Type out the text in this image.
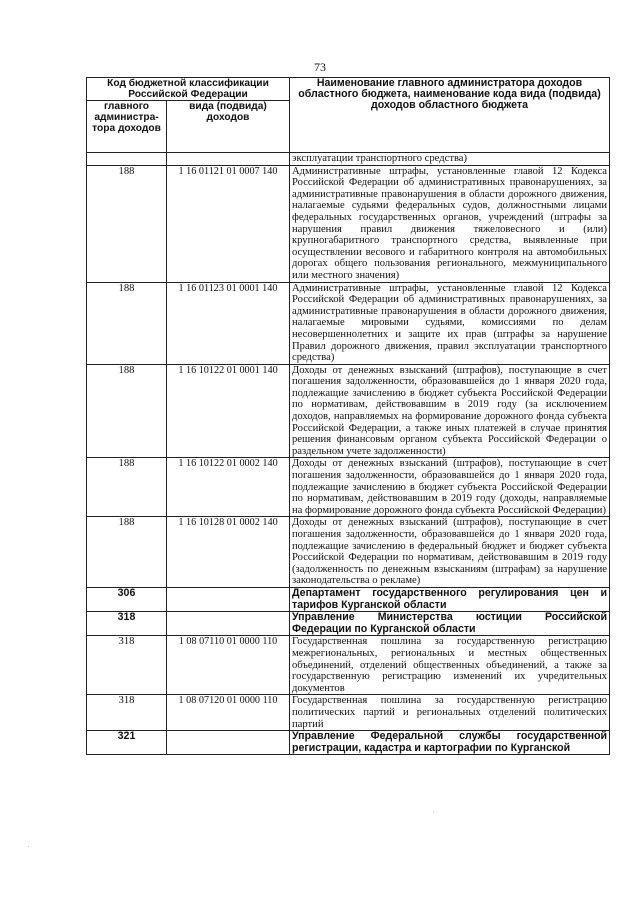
73
Код бюджетной классификации Российской Федерации		Наименование главного администратора доходов областного бюджета, наименование кода вида (подвида) доходов областного бюджета
главного администра-тора доходов	вида (подвида) доходов	
		эксплуатации транспортного средства)
188	1 16 01121 01 0007 140	Административные штрафы, установленные главой 12 Кодекса Российской Федерации об административных правонарушениях, за административные правонарушения в области дорожного движения, налагаемые судьями федеральных судов, должностными лицами федеральных государственных органов, учреждений (штрафы за нарушения правил движения тяжеловесного и (или) крупногабаритного транспортного средства, выявленные при осуществлении весового и габаритного контроля на автомобильных дорогах общего пользования регионального, межмуниципального или местного значения)
188	1 16 01123 01 0001 140	Административные штрафы, установленные главой 12 Кодекса Российской Федерации об административных правонарушениях, за административные правонарушения в области дорожного движения, налагаемые мировыми судьями, комиссиями по делам несовершеннолетних и защите их прав (штрафы за нарушение Правил дорожного движения, правил эксплуатации транспортного средства)
188	1 16 10122 01 0001 140	Доходы от денежных взысканий (штрафов), поступающие в счет погашения задолженности, образовавшейся до 1 января 2020 года, подлежащие зачислению в бюджет субъекта Российской Федерации по нормативам, действовавшим в 2019 году (за исключением доходов, направляемых на формирование дорожного фонда субъекта Российской Федерации, а также иных платежей в случае принятия решения финансовым органом субъекта Российской Федерации о раздельном учете задолженности)
188	1 16 10122 01 0002 140	Доходы от денежных взысканий (штрафов), поступающие в счет погашения задолженности, образовавшейся до 1 января 2020 года, подлежащие зачислению в бюджет субъекта Российской Федерации по нормативам, действовавшим в 2019 году (доходы, направляемые на формирование дорожного фонда субъекта Российской Федерации)
188	1 16 10128 01 0002 140	Доходы от денежных взысканий (штрафов), поступающие в счет погашения задолженности, образовавшейся до 1 января 2020 года, подлежащие зачислению в федеральный бюджет и бюджет субъекта Российской Федерации по нормативам, действовавшим в 2019 году (задолженность по денежным взысканиям (штрафам) за нарушение законодательства о рекламе)
306		Департамент государственного регулирования цен и тарифов Курганской области
318		Управление Министерства юстиции Российской Федерации по Курганской области
318	1 08 07110 01 0000 110	Государственная пошлина за государственную регистрацию межрегиональных, региональных и местных общественных объединений, отделений общественных объединений, а также за государственную регистрацию изменений их учредительных документов
318	1 08 07120 01 0000 110	Государственная пошлина за государственную регистрацию политических партий и региональных отделений политических партий
321		Управление Федеральной службы государственной регистрации, кадастра и картографии по Курганской
